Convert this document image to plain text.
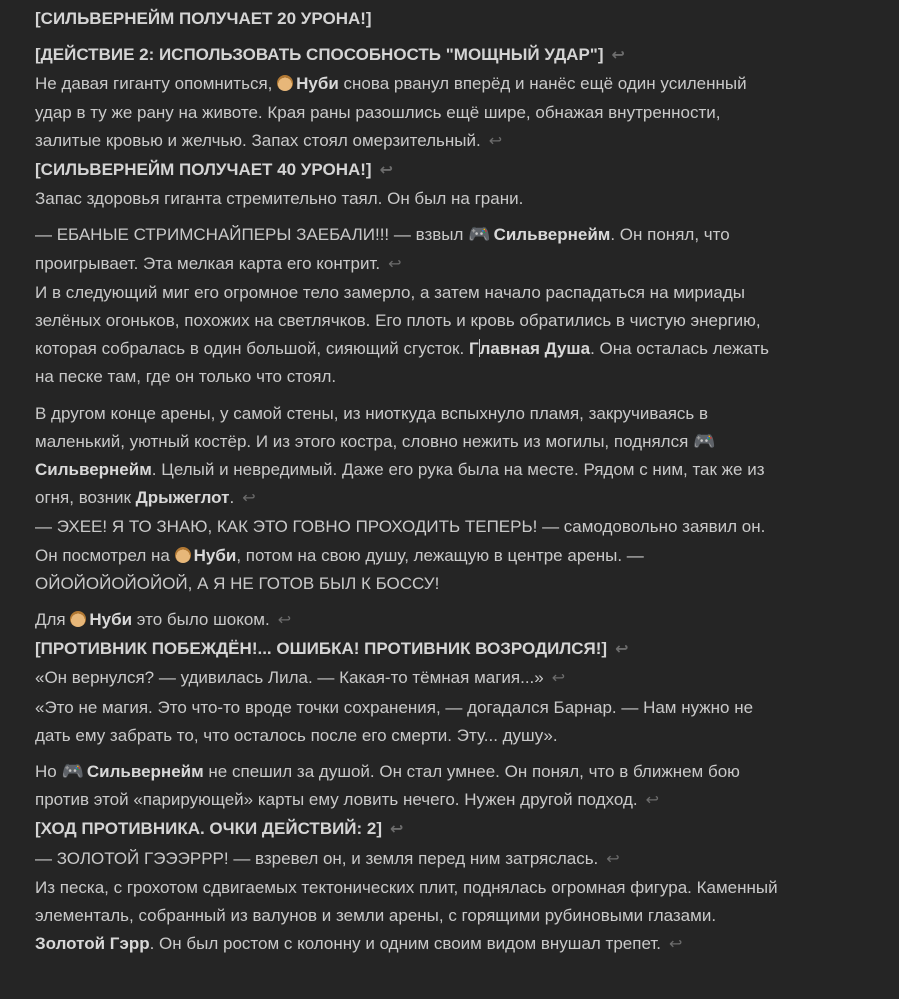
[СИЛЬВЕРНЕЙМ ПОЛУЧАЕТ 20 УРОНА!]

[ДЕЙСТВИЕ 2: ИСПОЛЬЗОВАТЬ СПОСОБНОСТЬ "МОЩНЫЙ УДАР"] ↩

Не давая гиганту опомниться, Нуби снова рванул вперёд и нанёс ещё один усиленный удар в ту же рану на животе. Края раны разошлись ещё шире, обнажая внутренности, залитые кровью и желчью. Запах стоял омерзительный. ↩

[СИЛЬВЕРНЕЙМ ПОЛУЧАЕТ 40 УРОНА!] ↩

Запас здоровья гиганта стремительно таял. Он был на грани.

— ЕБАНЫЕ СТРИМСНАЙПЕРЫ ЗАЕБАЛИ!!! — взвыл 🎮 Сильвернейм. Он понял, что проигрывает. Эта мелкая карта его контрит. ↩

И в следующий миг его огромное тело замерло, а затем начало распадаться на мириады зелёных огоньков, похожих на светлячков. Его плоть и кровь обратились в чистую энергию, которая собралась в один большой, сияющий сгусток. Главная Душа. Она осталась лежать на песке там, где он только что стоял.

В другом конце арены, у самой стены, из ниоткуда вспыхнуло пламя, закручиваясь в маленький, уютный костёр. И из этого костра, словно нежить из могилы, поднялся 🎮Сильвернейм. Целый и невредимый. Даже его рука была на месте. Рядом с ним, так же из огня, возник Дрыжеглот. ↩

— ЭХЕЕ! Я ТО ЗНАЮ, КАК ЭТО ГОВНО ПРОХОДИТЬ ТЕПЕРЬ! — самодовольно заявил он. Он посмотрел на Нуби, потом на свою душу, лежащую в центре арены. — ОЙОЙОЙОЙОЙОЙ, А Я НЕ ГОТОВ БЫЛ К БОССУ!

Для Нуби это было шоком. ↩

[ПРОТИВНИК ПОБЕЖДЁН!... ОШИБКА! ПРОТИВНИК ВОЗРОДИЛСЯ!] ↩

«Он вернулся? — удивилась Лила. — Какая-то тёмная магия...» ↩

«Это не магия. Это что-то вроде точки сохранения, — догадался Барнар. — Нам нужно не дать ему забрать то, что осталось после его смерти. Эту... душу».

Но 🎮 Сильвернейм не спешил за душой. Он стал умнее. Он понял, что в ближнем бою против этой «парирующей» карты ему ловить нечего. Нужен другой подход. ↩

[ХОД ПРОТИВНИКА. ОЧКИ ДЕЙСТВИЙ: 2] ↩

— ЗОЛОТОЙ ГЭЭЭРРР! — взревел он, и земля перед ним затряслась. ↩

Из песка, с грохотом сдвигаемых тектонических плит, поднялась огромная фигура. Каменный элементаль, собранный из валунов и земли арены, с горящими рубиновыми глазами. Золотой Гэрр. Он был ростом с колонну и одним своим видом внушал трепет. ↩
